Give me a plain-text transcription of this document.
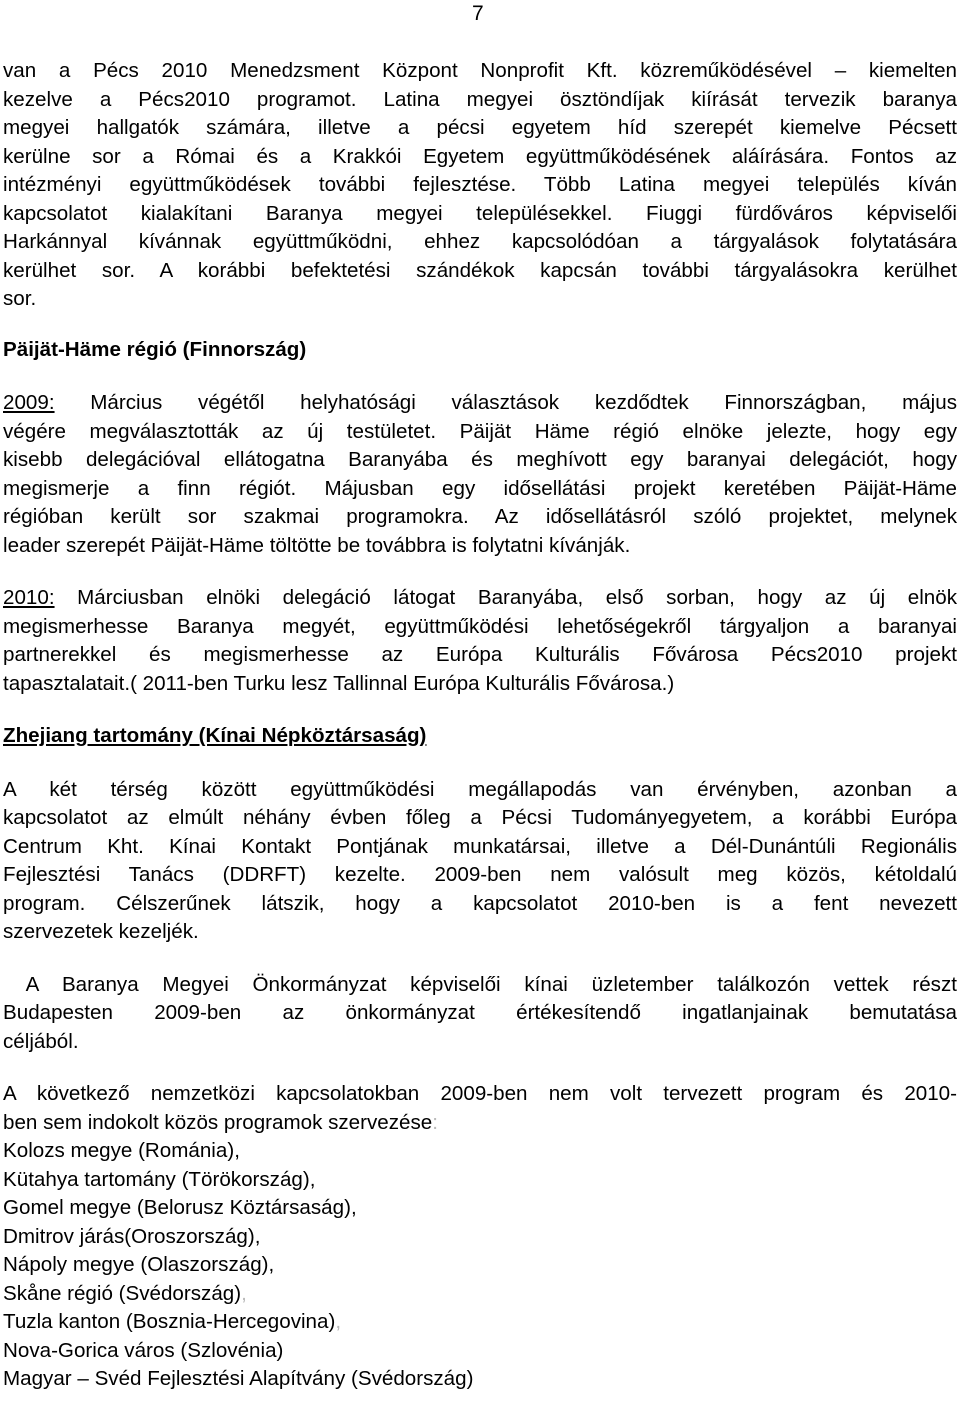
7
van a Pécs 2010 Menedzsment Központ Nonprofit Kft. közreműködésével – kiemelten
kezelve a Pécs2010 programot. Latina megyei ösztöndíjak kiírását tervezik baranya
megyei hallgatók számára, illetve a pécsi egyetem híd szerepét kiemelve Pécsett
kerülne sor a Római és a Krakkói Egyetem együttműködésének aláírására. Fontos az
intézményi együttműködések további fejlesztése. Több Latina megyei település kíván
kapcsolatot kialakítani Baranya megyei településekkel. Fiuggi fürdőváros képviselői
Harkánnyal kívánnak együttműködni, ehhez kapcsolódóan a tárgyalások folytatására
kerülhet sor. A korábbi befektetési szándékok kapcsán további tárgyalásokra kerülhet
sor.
Päijät-Häme régió (Finnország)
2009: Március végétől helyhatósági választások kezdődtek Finnországban, május
végére megválasztották az új testületet. Päijät Häme régió elnöke jelezte, hogy egy
kisebb delegációval ellátogatna Baranyába és meghívott egy baranyai delegációt, hogy
megismerje a finn régiót. Májusban egy idősellátási projekt keretében Päijät-Häme
régióban került sor szakmai programokra. Az idősellátásról szóló projektet, melynek
leader szerepét Päijät-Häme töltötte be továbbra is folytatni kívánják.
2010: Márciusban elnöki delegáció látogat Baranyába, első sorban, hogy az új elnök
megismerhesse Baranya megyét, együttműködési lehetőségekről tárgyaljon a baranyai
partnerekkel és megismerhesse az Európa Kulturális Fővárosa Pécs2010 projekt
tapasztalatait.( 2011-ben Turku lesz Tallinnal Európa Kulturális Fővárosa.)
Zhejiang tartomány (Kínai Népköztársaság)
A két térség között együttműködési megállapodás van érvényben, azonban a
kapcsolatot az elmúlt néhány évben főleg a Pécsi Tudományegyetem, a korábbi Európa
Centrum Kht. Kínai Kontakt Pontjának munkatársai, illetve a Dél-Dunántúli Regionális
Fejlesztési Tanács (DDRFT) kezelte. 2009-ben nem valósult meg közös, kétoldalú
program. Célszerűnek látszik, hogy a kapcsolatot 2010-ben is a fent nevezett
szervezetek kezeljék.
A Baranya Megyei Önkormányzat képviselői kínai üzletember találkozón vettek részt
Budapesten 2009-ben az önkormányzat értékesítendő ingatlanjainak bemutatása
céljából.
A következő nemzetközi kapcsolatokban 2009-ben nem volt tervezett program és 2010-
ben sem indokolt közös programok szervezése:
Kolozs megye (Románia),
Kütahya tartomány (Törökország),
Gomel megye (Belorusz Köztársaság),
Dmitrov járás(Oroszország),
Nápoly megye (Olaszország),
Skåne régió (Svédország),
Tuzla kanton (Bosznia-Hercegovina),
Nova-Gorica város (Szlovénia)
Magyar – Svéd Fejlesztési Alapítvány (Svédország)
